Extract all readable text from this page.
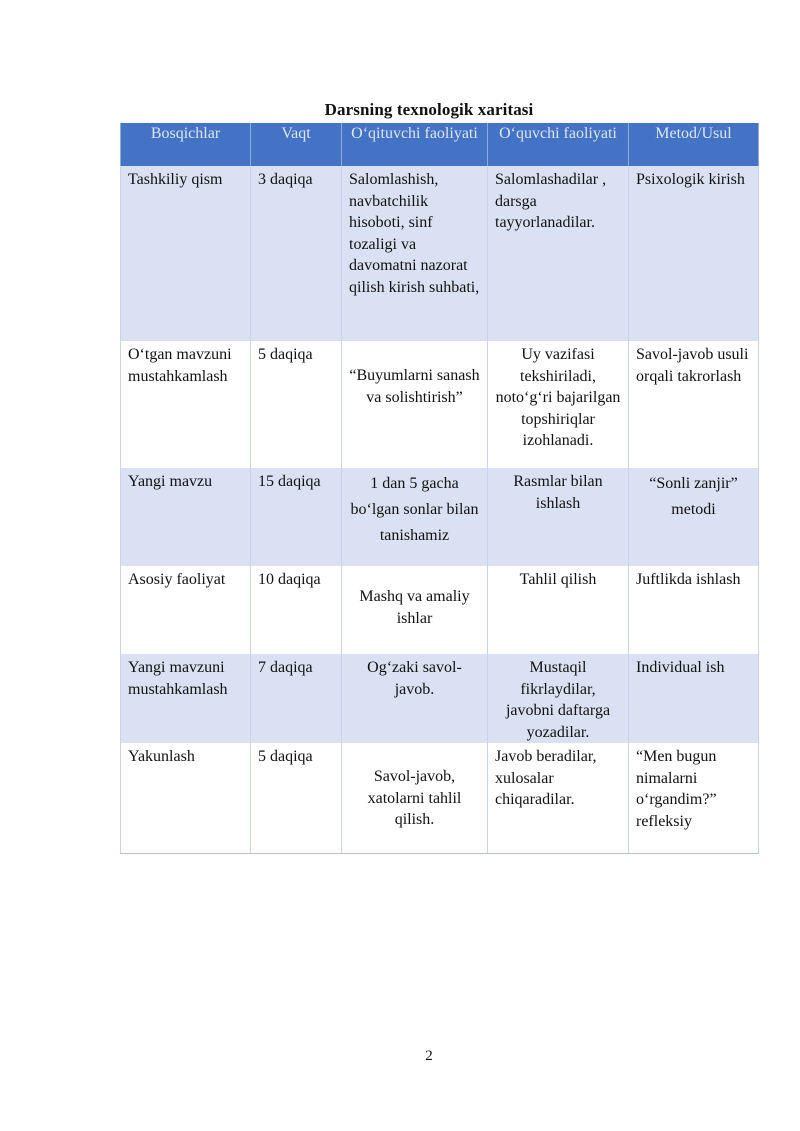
Darsning texnologik xaritasi
Bosqichlar	Vaqt	O‘qituvchi faoliyati	O‘quvchi faoliyati	Metod/Usul
Tashkiliy qism	3 daqiqa	Salomlashish, navbatchilik hisoboti, sinf tozaligi va davomatni nazorat qilish kirish suhbati,	Salomlashadilar , darsga tayyorlanadilar.	Psixologik kirish
O‘tgan mavzuni mustahkamlash	5 daqiqa	“Buyumlarni sanash va solishtirish”	Uy vazifasi tekshiriladi, noto‘g‘ri bajarilgan topshiriqlar izohlanadi.	Savol-javob usuli orqali takrorlash
Yangi mavzu	15 daqiqa	1 dan 5 gacha bo‘lgan sonlar bilan tanishamiz	Rasmlar bilan ishlash	“Sonli zanjir” metodi
Asosiy faoliyat	10 daqiqa	Mashq va amaliy ishlar	Tahlil qilish	Juftlikda ishlash
Yangi mavzuni mustahkamlash	7 daqiqa	Og‘zaki savol-javob.	Mustaqil fikrlaydilar, javobni daftarga yozadilar.	Individual ish
Yakunlash	5 daqiqa	Savol-javob, xatolarni tahlil qilish.	Javob beradilar, xulosalar chiqaradilar.	“Men bugun nimalarni o‘rgandim?” refleksiy
2
